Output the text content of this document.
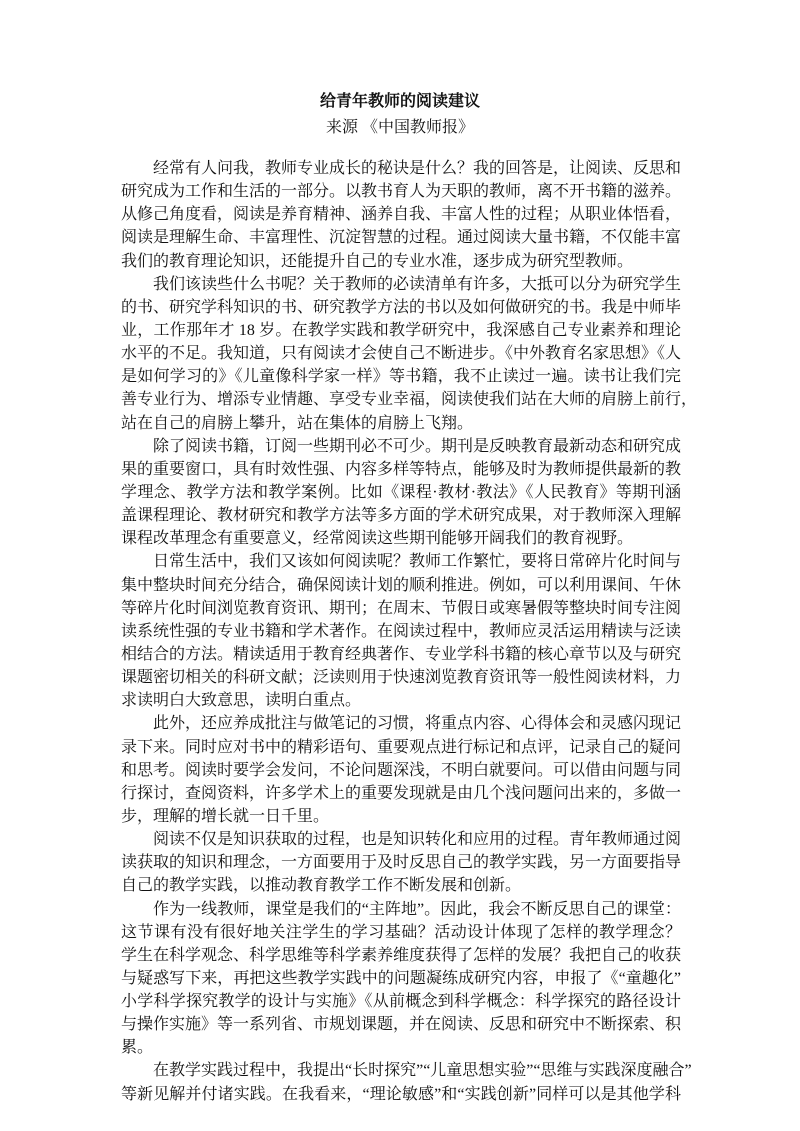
给青年教师的阅读建议
来源 《中国教师报》
经常有人问我，教师专业成长的秘诀是什么？我的回答是，让阅读、反思和
研究成为工作和生活的一部分。以教书育人为天职的教师，离不开书籍的滋养。
从修己角度看，阅读是养育精神、涵养自我、丰富人性的过程；从职业体悟看，
阅读是理解生命、丰富理性、沉淀智慧的过程。通过阅读大量书籍，不仅能丰富
我们的教育理论知识，还能提升自己的专业水准，逐步成为研究型教师。
我们该读些什么书呢？关于教师的必读清单有许多，大抵可以分为研究学生
的书、研究学科知识的书、研究教学方法的书以及如何做研究的书。我是中师毕
业，工作那年才 18 岁。在教学实践和教学研究中，我深感自己专业素养和理论
水平的不足。我知道，只有阅读才会使自己不断进步。《中外教育名家思想》《人
是如何学习的》《儿童像科学家一样》等书籍，我不止读过一遍。读书让我们完
善专业行为、增添专业情趣、享受专业幸福，阅读使我们站在大师的肩膀上前行，
站在自己的肩膀上攀升，站在集体的肩膀上飞翔。
除了阅读书籍，订阅一些期刊必不可少。期刊是反映教育最新动态和研究成
果的重要窗口，具有时效性强、内容多样等特点，能够及时为教师提供最新的教
学理念、教学方法和教学案例。比如《课程·教材·教法》《人民教育》等期刊涵
盖课程理论、教材研究和教学方法等多方面的学术研究成果，对于教师深入理解
课程改革理念有重要意义，经常阅读这些期刊能够开阔我们的教育视野。
日常生活中，我们又该如何阅读呢？教师工作繁忙，要将日常碎片化时间与
集中整块时间充分结合，确保阅读计划的顺利推进。例如，可以利用课间、午休
等碎片化时间浏览教育资讯、期刊；在周末、节假日或寒暑假等整块时间专注阅
读系统性强的专业书籍和学术著作。在阅读过程中，教师应灵活运用精读与泛读
相结合的方法。精读适用于教育经典著作、专业学科书籍的核心章节以及与研究
课题密切相关的科研文献；泛读则用于快速浏览教育资讯等一般性阅读材料，力
求读明白大致意思，读明白重点。
此外，还应养成批注与做笔记的习惯，将重点内容、心得体会和灵感闪现记
录下来。同时应对书中的精彩语句、重要观点进行标记和点评，记录自己的疑问
和思考。阅读时要学会发问，不论问题深浅，不明白就要问。可以借由问题与同
行探讨，查阅资料，许多学术上的重要发现就是由几个浅问题问出来的，多做一
步，理解的增长就一日千里。
阅读不仅是知识获取的过程，也是知识转化和应用的过程。青年教师通过阅
读获取的知识和理念，一方面要用于及时反思自己的教学实践，另一方面要指导
自己的教学实践，以推动教育教学工作不断发展和创新。
作为一线教师，课堂是我们的“主阵地”。因此，我会不断反思自己的课堂：
这节课有没有很好地关注学生的学习基础？活动设计体现了怎样的教学理念？
学生在科学观念、科学思维等科学素养维度获得了怎样的发展？我把自己的收获
与疑惑写下来，再把这些教学实践中的问题凝练成研究内容，申报了《“童趣化”
小学科学探究教学的设计与实施》《从前概念到科学概念：科学探究的路径设计
与操作实施》等一系列省、市规划课题，并在阅读、反思和研究中不断探索、积
累。
在教学实践过程中，我提出“长时探究”“儿童思想实验”“思维与实践深度融合”
等新见解并付诸实践。在我看来，“理论敏感”和“实践创新”同样可以是其他学科
